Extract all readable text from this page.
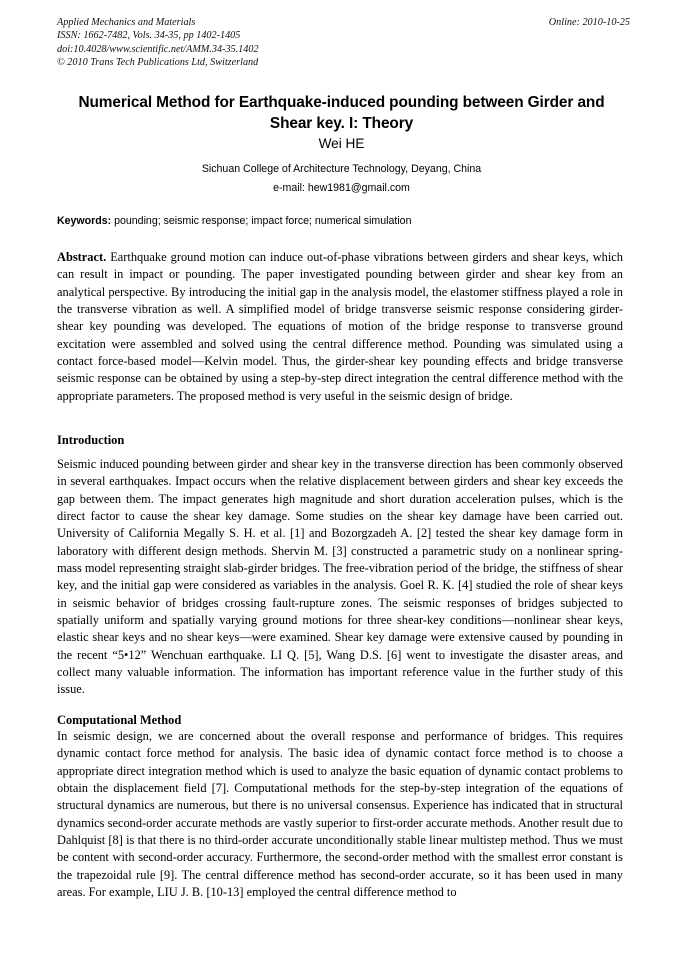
Applied Mechanics and Materials
ISSN: 1662-7482, Vols. 34-35, pp 1402-1405
doi:10.4028/www.scientific.net/AMM.34-35.1402
© 2010 Trans Tech Publications Ltd, Switzerland
Online: 2010-10-25
Numerical Method for Earthquake-induced pounding between Girder and Shear key. I: Theory
Wei HE
Sichuan College of Architecture Technology, Deyang, China
e-mail: hew1981@gmail.com
Keywords: pounding; seismic response; impact force; numerical simulation
Abstract. Earthquake ground motion can induce out-of-phase vibrations between girders and shear keys, which can result in impact or pounding. The paper investigated pounding between girder and shear key from an analytical perspective. By introducing the initial gap in the analysis model, the elastomer stiffness played a role in the transverse vibration as well. A simplified model of bridge transverse seismic response considering girder-shear key pounding was developed. The equations of motion of the bridge response to transverse ground excitation were assembled and solved using the central difference method. Pounding was simulated using a contact force-based model—Kelvin model. Thus, the girder-shear key pounding effects and bridge transverse seismic response can be obtained by using a step-by-step direct integration the central difference method with the appropriate parameters. The proposed method is very useful in the seismic design of bridge.
Introduction
Seismic induced pounding between girder and shear key in the transverse direction has been commonly observed in several earthquakes. Impact occurs when the relative displacement between girders and shear key exceeds the gap between them. The impact generates high magnitude and short duration acceleration pulses, which is the direct factor to cause the shear key damage. Some studies on the shear key damage have been carried out. University of California Megally S. H. et al. [1] and Bozorgzadeh A. [2] tested the shear key damage form in laboratory with different design methods. Shervin M. [3] constructed a parametric study on a nonlinear spring-mass model representing straight slab-girder bridges. The free-vibration period of the bridge, the stiffness of shear key, and the initial gap were considered as variables in the analysis. Goel R. K. [4] studied the role of shear keys in seismic behavior of bridges crossing fault-rupture zones. The seismic responses of bridges subjected to spatially uniform and spatially varying ground motions for three shear-key conditions—nonlinear shear keys, elastic shear keys and no shear keys—were examined. Shear key damage were extensive caused by pounding in the recent “5•12” Wenchuan earthquake. LI Q. [5], Wang D.S. [6] went to investigate the disaster areas, and collect many valuable information. The information has important reference value in the further study of this issue.
Computational Method
In seismic design, we are concerned about the overall response and performance of bridges. This requires dynamic contact force method for analysis. The basic idea of dynamic contact force method is to choose a appropriate direct integration method which is used to analyze the basic equation of dynamic contact problems to obtain the displacement field [7]. Computational methods for the step-by-step integration of the equations of structural dynamics are numerous, but there is no universal consensus. Experience has indicated that in structural dynamics second-order accurate methods are vastly superior to first-order accurate methods. Another result due to Dahlquist [8] is that there is no third-order accurate unconditionally stable linear multistep method. Thus we must be content with second-order accuracy. Furthermore, the second-order method with the smallest error constant is the trapezoidal rule [9]. The central difference method has second-order accurate, so it has been used in many areas. For example, LIU J. B. [10-13] employed the central difference method to
